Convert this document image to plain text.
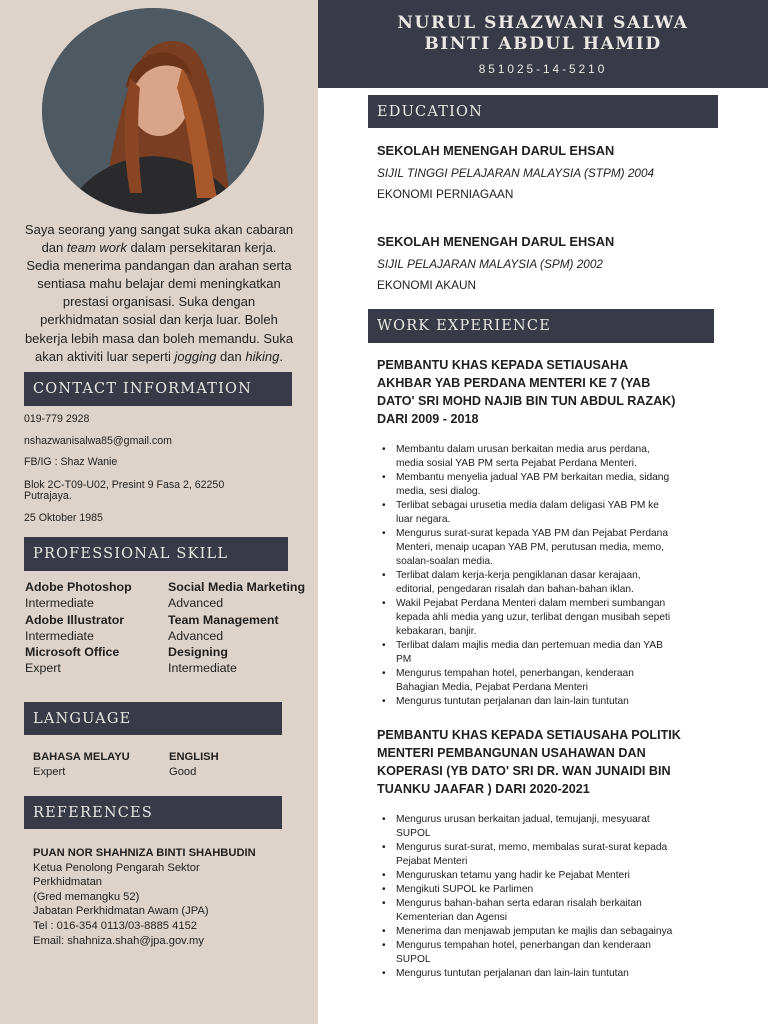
Saya seorang yang sangat suka akan cabaran
dan team work dalam persekitaran kerja.
Sedia menerima pandangan dan arahan serta
sentiasa mahu belajar demi meningkatkan
prestasi organisasi. Suka dengan
perkhidmatan sosial dan kerja luar. Boleh
bekerja lebih masa dan boleh memandu. Suka
akan aktiviti luar seperti jogging dan hiking.
CONTACT INFORMATION
019-779 2928
nshazwanisalwa85@gmail.com
FB/IG : Shaz Wanie
Blok 2C-T09-U02, Presint 9 Fasa 2, 62250
Putrajaya.
25 Oktober 1985
PROFESSIONAL SKILL
Adobe Photoshop
Intermediate
Social Media Marketing
Advanced
Adobe Illustrator
Intermediate
Team Management
Advanced
Microsoft Office
Expert
Designing
Intermediate
LANGUAGE
BAHASA MELAYU
Expert
ENGLISH
Good
REFERENCES
PUAN NOR SHAHNIZA BINTI SHAHBUDIN
Ketua Penolong Pengarah Sektor
Perkhidmatan
(Gred memangku 52)
Jabatan Perkhidmatan Awam (JPA)
Tel : 016-354 0113/03-8885 4152
Email: shahniza.shah@jpa.gov.my
NURUL SHAZWANI SALWA
BINTI ABDUL HAMID
851025-14-5210
EDUCATION
SEKOLAH MENENGAH DARUL EHSAN
SIJIL TINGGI PELAJARAN MALAYSIA (STPM) 2004
EKONOMI PERNIAGAAN
SEKOLAH MENENGAH DARUL EHSAN
SIJIL PELAJARAN MALAYSIA (SPM) 2002
EKONOMI AKAUN
WORK EXPERIENCE
PEMBANTU KHAS KEPADA SETIAUSAHA
AKHBAR YAB PERDANA MENTERI KE 7 (YAB
DATO' SRI MOHD NAJIB BIN TUN ABDUL RAZAK)
DARI 2009 - 2018
• Membantu dalam urusan berkaitan media arus perdana,
media sosial YAB PM serta Pejabat Perdana Menteri.
• Membantu menyelia jadual YAB PM berkaitan media, sidang
media, sesi dialog.
• Terlibat sebagai urusetia media dalam deligasi YAB PM ke
luar negara.
• Mengurus surat-surat kepada YAB PM dan Pejabat Perdana
Menteri, menaip ucapan YAB PM, perutusan media, memo,
soalan-soalan media.
• Terlibat dalam kerja-kerja pengiklanan dasar kerajaan,
editorial, pengedaran risalah dan bahan-bahan iklan.
• Wakil Pejabat Perdana Menteri dalam memberi sumbangan
kepada ahli media yang uzur, terlibat dengan musibah sepeti
kebakaran, banjir.
• Terlibat dalam majlis media dan pertemuan media dan YAB
PM
• Mengurus tempahan hotel, penerbangan, kenderaan
Bahagian Media, Pejabat Perdana Menteri
• Mengurus tuntutan perjalanan dan lain-lain tuntutan
PEMBANTU KHAS KEPADA SETIAUSAHA POLITIK
MENTERI PEMBANGUNAN USAHAWAN DAN
KOPERASI (YB DATO' SRI DR. WAN JUNAIDI BIN
TUANKU JAAFAR ) DARI 2020-2021
• Mengurus urusan berkaitan jadual, temujanji, mesyuarat
SUPOL
• Mengurus surat-surat, memo, membalas surat-surat kepada
Pejabat Menteri
• Menguruskan tetamu yang hadir ke Pejabat Menteri
• Mengikuti SUPOL ke Parlimen
• Mengurus bahan-bahan serta edaran risalah berkaitan
Kementerian dan Agensi
• Menerima dan menjawab jemputan ke majlis dan sebagainya
• Mengurus tempahan hotel, penerbangan dan kenderaan
SUPOL
• Mengurus tuntutan perjalanan dan lain-lain tuntutan
